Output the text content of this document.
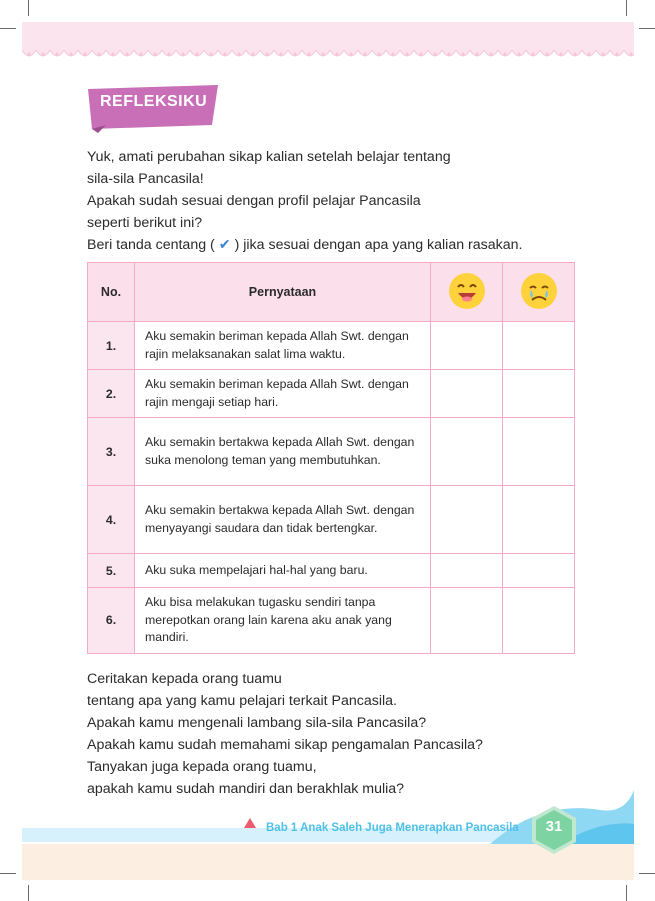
REFLEKSIKU

Yuk, amati perubahan sikap kalian setelah belajar tentang

sila-sila Pancasila!

Apakah sudah sesuai dengan profil pelajar Pancasila

seperti berikut ini?

Beri tanda centang ( ✔ ) jika sesuai dengan apa yang kalian rasakan.

No.	Pernyataan		
1.	Aku semakin beriman kepada Allah Swt. dengan rajin melaksanakan salat lima waktu.		
2.	Aku semakin beriman kepada Allah Swt. dengan rajin mengaji setiap hari.		
3.	Aku semakin bertakwa kepada Allah Swt. dengan suka menolong teman yang membutuhkan.		
4.	Aku semakin bertakwa kepada Allah Swt. dengan menyayangi saudara dan tidak bertengkar.		
5.	Aku suka mempelajari hal-hal yang baru.		
6.	Aku bisa melakukan tugasku sendiri tanpa merepotkan orang lain karena aku anak yang mandiri.		

Ceritakan kepada orang tuamu

tentang apa yang kamu pelajari terkait Pancasila.

Apakah kamu mengenali lambang sila-sila Pancasila?

Apakah kamu sudah memahami sikap pengamalan Pancasila?

Tanyakan juga kepada orang tuamu,

apakah kamu sudah mandiri dan berakhlak mulia?

Bab 1 Anak Saleh Juga Menerapkan Pancasila	31
